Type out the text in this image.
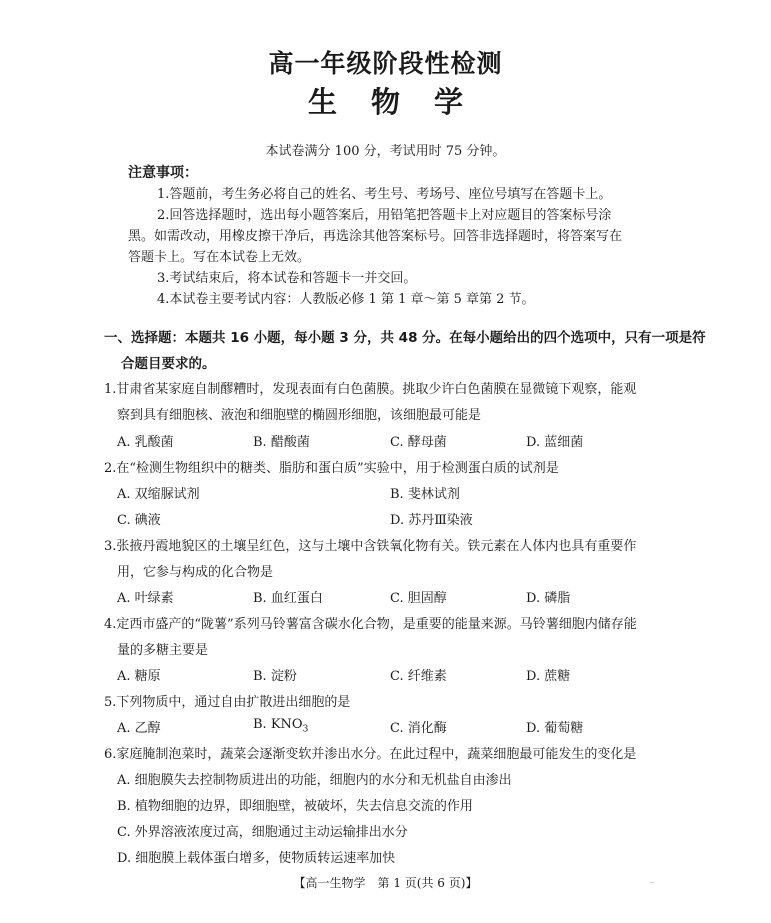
高一年级阶段性检测
生物学
本试卷满分 100 分，考试用时 75 分钟。
注意事项：
1.答题前，考生务必将自己的姓名、考生号、考场号、座位号填写在答题卡上。
2.回答选择题时，选出每小题答案后，用铅笔把答题卡上对应题目的答案标号涂
黑。如需改动，用橡皮擦干净后，再选涂其他答案标号。回答非选择题时，将答案写在
答题卡上。写在本试卷上无效。
3.考试结束后，将本试卷和答题卡一并交回。
4.本试卷主要考试内容：人教版必修 1 第 1 章～第 5 章第 2 节。
一、选择题：本题共 16 小题，每小题 3 分，共 48 分。在每小题给出的四个选项中，只有一项是符
合题目要求的。
1.甘肃省某家庭自制醪糟时，发现表面有白色菌膜。挑取少许白色菌膜在显微镜下观察，能观
察到具有细胞核、液泡和细胞壁的椭圆形细胞，该细胞最可能是
A. 乳酸菌	B. 醋酸菌	C. 酵母菌	D. 蓝细菌
2.在“检测生物组织中的糖类、脂肪和蛋白质”实验中，用于检测蛋白质的试剂是
A. 双缩脲试剂	B. 斐林试剂
C. 碘液	D. 苏丹Ⅲ染液
3.张掖丹霞地貌区的土壤呈红色，这与土壤中含铁氧化物有关。铁元素在人体内也具有重要作
用，它参与构成的化合物是
A. 叶绿素	B. 血红蛋白	C. 胆固醇	D. 磷脂
4.定西市盛产的“陇薯”系列马铃薯富含碳水化合物，是重要的能量来源。马铃薯细胞内储存能
量的多糖主要是
A. 糖原	B. 淀粉	C. 纤维素	D. 蔗糖
5.下列物质中，通过自由扩散进出细胞的是
A. 乙醇	B. $KNO_3$	C. 消化酶	D. 葡萄糖
6.家庭腌制泡菜时，蔬菜会逐渐变软并渗出水分。在此过程中，蔬菜细胞最可能发生的变化是
A. 细胞膜失去控制物质进出的功能，细胞内的水分和无机盐自由渗出
B. 植物细胞的边界，即细胞壁，被破坏，失去信息交流的作用
C. 外界溶液浓度过高，细胞通过主动运输排出水分
D. 细胞膜上载体蛋白增多，使物质转运速率加快
【高一生物学　第 1 页(共 6 页)】	··
